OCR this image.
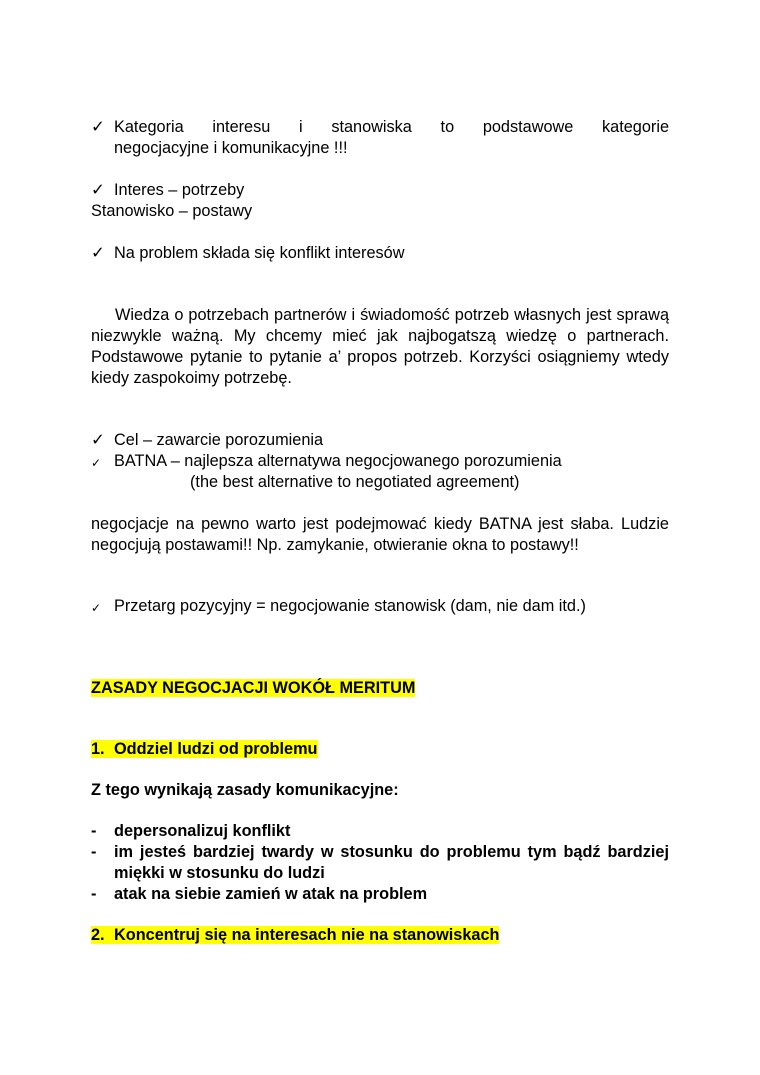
✓ Kategoria interesu i stanowiska to podstawowe kategorie
negocjacyjne i komunikacyjne !!!
✓ Interes – potrzeby
Stanowisko – postawy
✓ Na problem składa się konflikt interesów

Wiedza o potrzebach partnerów i świadomość potrzeb własnych jest sprawą niezwykle ważną. My chcemy mieć jak najbogatszą wiedzę o partnerach. Podstawowe pytanie to pytanie a’ propos potrzeb. Korzyści osiągniemy wtedy kiedy zaspokoimy potrzebę.

✓ Cel – zawarcie porozumienia
✓ BATNA – najlepsza alternatywa negocjowanego porozumienia
(the best alternative to negotiated agreement)

negocjacje na pewno warto jest podejmować kiedy BATNA jest słaba. Ludzie negocjują postawami!! Np. zamykanie, otwieranie okna to postawy!!

✓ Przetarg pozycyjny = negocjowanie stanowisk (dam, nie dam itd.)
ZASADY NEGOCJACJI WOKÓŁ MERITUM
1. Oddziel ludzi od problemu
Z tego wynikają zasady komunikacyjne:
-	depersonalizuj konflikt
-	im jesteś bardziej twardy w stosunku do problemu tym bądź bardziej miękki w stosunku do ludzi
-	atak na siebie zamień w atak na problem
2. Koncentruj się na interesach nie na stanowiskach
